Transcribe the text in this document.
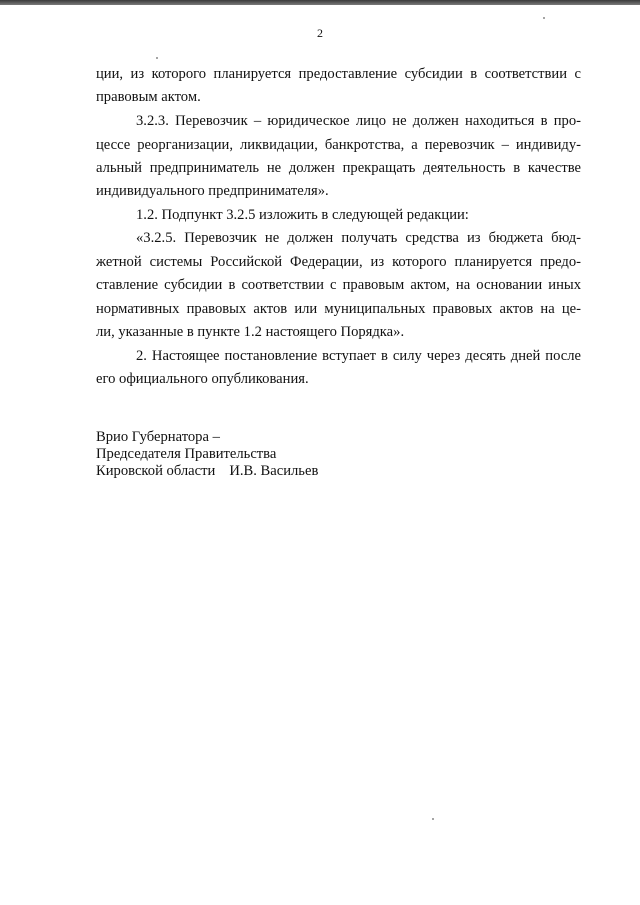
2
ции, из которого планируется предоставление субсидии в соответствии с
правовым актом.
3.2.3. Перевозчик – юридическое лицо не должен находиться в про-
цессе реорганизации, ликвидации, банкротства, а перевозчик – индивиду-
альный предприниматель не должен прекращать деятельность в качестве
индивидуального предпринимателя».
1.2. Подпункт 3.2.5 изложить в следующей редакции:
«3.2.5. Перевозчик не должен получать средства из бюджета бюд-
жетной системы Российской Федерации, из которого планируется предо-
ставление субсидии в соответствии с правовым актом, на основании иных
нормативных правовых актов или муниципальных правовых актов на це-
ли, указанные в пункте 1.2 настоящего Порядка».
2. Настоящее постановление вступает в силу через десять дней после
его официального опубликования.
Врио Губернатора –
Председателя Правительства
Кировской области И.В. Васильев
